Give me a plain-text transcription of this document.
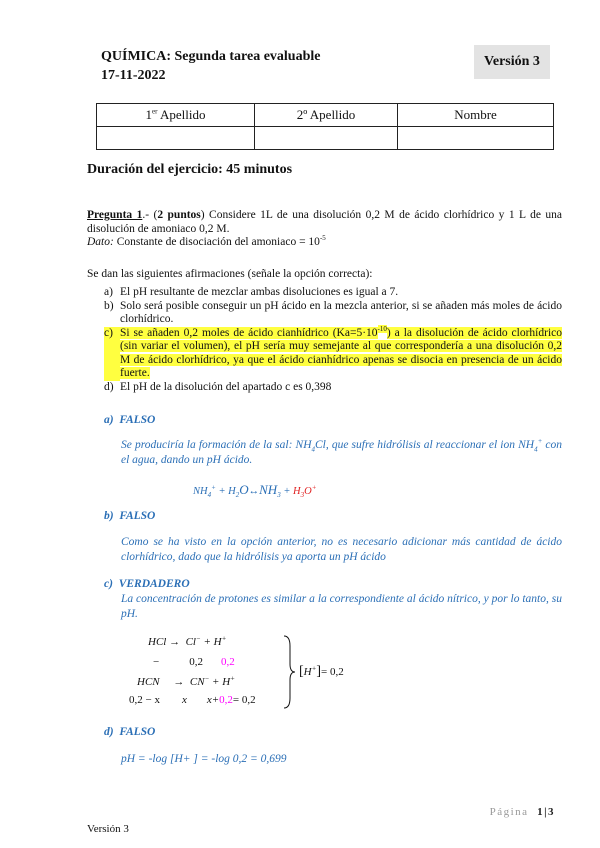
QUÍMICA: Segunda tarea evaluable
17-11-2022
Versión 3
1er Apellido	2º Apellido	Nombre

Duración del ejercicio: 45 minutos
Pregunta 1.- (2 puntos) Considere 1L de una disolución 0,2 M de ácido clorhídrico y 1 L de una disolución de amoniaco 0,2 M.
Dato: Constante de disociación del amoniaco = $10^{-5}$
Se dan las siguientes afirmaciones (señale la opción correcta):
a) El pH resultante de mezclar ambas disoluciones es igual a 7.
b) Solo será posible conseguir un pH ácido en la mezcla anterior, si se añaden más moles de ácido clorhídrico.
c) Si se añaden 0,2 moles de ácido cianhídrico $(Ka=5\cdot 10^{-10})$ a la disolución de ácido clorhídrico (sin variar el volumen), el pH sería muy semejante al que correspondería a una disolución 0,2 M de ácido clorhídrico, ya que el ácido cianhídrico apenas se disocia en presencia de un ácido fuerte.
d) El pH de la disolución del apartado c es 0,398
a) FALSO
Se produciría la formación de la sal: $NH_4Cl$, que sufre hidrólisis al reaccionar el ion $NH_4^+$ con el agua, dando un pH ácido.
$NH_4^+$ + $H_2O\leftrightarrow NH_3 + H_3O^+$
b) FALSO
Como se ha visto en la opción anterior, no es necesario adicionar más cantidad de ácido clorhídrico, dado que la hidrólisis ya aporta un pH ácido
c) VERDADERO
La concentración de protones es similar a la correspondiente al ácido nítrico, y por lo tanto, su pH.
HCl → Cl− + H+
−	0,2 0,2
HCN → CN− + H+
0,2 − x x x+0,2= 0,2
[H+]= 0,2
d) FALSO
pH = -log [H+ ] = -log 0,2 = 0,699
Página 1|3
Versión 3
